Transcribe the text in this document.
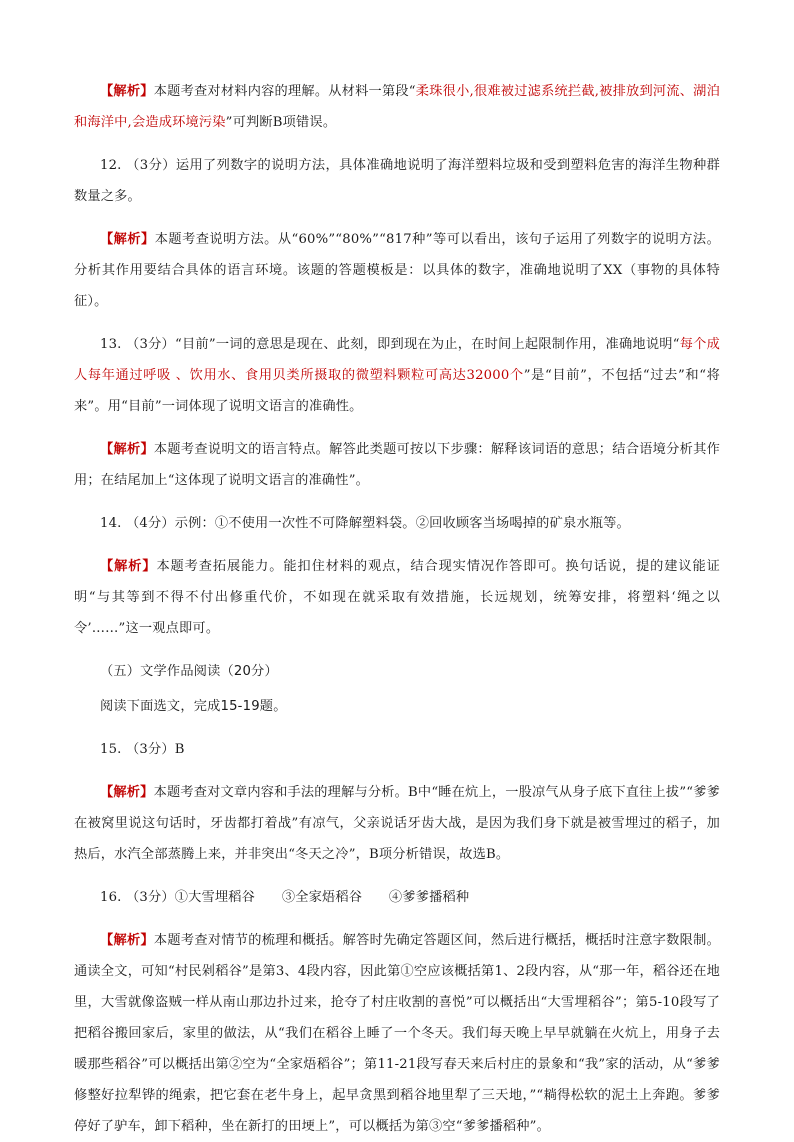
【解析】本题考查对材料内容的理解。从材料一第段“柔珠很小,很难被过滤系统拦截,被排放到河流、湖泊和海洋中,会造成环境污染”可判断B项错误。

12. （3分）运用了列数字的说明方法，具体准确地说明了海洋塑料垃圾和受到塑料危害的海洋生物种群数量之多。

【解析】本题考查说明方法。从“60%”“80%”“817种”等可以看出，该句子运用了列数字的说明方法。分析其作用要结合具体的语言环境。该题的答题模板是：以具体的数字，准确地说明了XX（事物的具体特征）。

13. （3分）“目前”一词的意思是现在、此刻，即到现在为止，在时间上起限制作用，准确地说明“每个成人每年通过呼吸 、饮用水、食用贝类所摄取的微塑料颗粒可高达32000个”是“目前”，不包括“过去”和“将来”。用“目前”一词体现了说明文语言的准确性。

【解析】本题考查说明文的语言特点。解答此类题可按以下步骤：解释该词语的意思；结合语境分析其作用；在结尾加上“这体现了说明文语言的准确性”。

14. （4分）示例：①不使用一次性不可降解塑料袋。②回收顾客当场喝掉的矿泉水瓶等。

【解析】本题考查拓展能力。能扣住材料的观点，结合现实情况作答即可。换句话说，提的建议能证明“与其等到不得不付出修重代价，不如现在就采取有效措施，长远规划，统筹安排，将塑料‘绳之以令’……”这一观点即可。

（五）文学作品阅读（20分）

阅读下面选文，完成15-19题。

15. （3分）B

【解析】本题考查对文章内容和手法的理解与分析。B中“睡在炕上，一股凉气从身子底下直往上拔”“爹爹在被窝里说这句话时，牙齿都打着战”有凉气，父亲说话牙齿大战，是因为我们身下就是被雪埋过的稻子，加热后，水汽全部蒸腾上来，并非突出“冬天之冷”，B项分析错误，故选B。

16. （3分）①大雪埋稻谷　　③全家焐稻谷　　④爹爹播稻种

【解析】本题考查对情节的梳理和概括。解答时先确定答题区间，然后进行概括，概括时注意字数限制。通读全文，可知“村民剁稻谷”是第3、4段内容，因此第①空应该概括第1、2段内容，从“那一年，稻谷还在地里，大雪就像盗贼一样从南山那边扑过来，抢夺了村庄收割的喜悦”可以概括出“大雪埋稻谷”；第5-10段写了把稻谷搬回家后，家里的做法，从“我们在稻谷上睡了一个冬天。我们每天晚上早早就躺在火炕上，用身子去暖那些稻谷”可以概括出第②空为“全家焐稻谷”；第11-21段写春天来后村庄的景象和“我”家的活动，从“爹爹修整好拉犁铧的绳索，把它套在老牛身上，起早贪黑到稻谷地里犁了三天地，”“耥得松软的泥土上奔跑。爹爹停好了驴车，卸下稻种，坐在新打的田埂上”，可以概括为第③空“爹爹播稻种”。
